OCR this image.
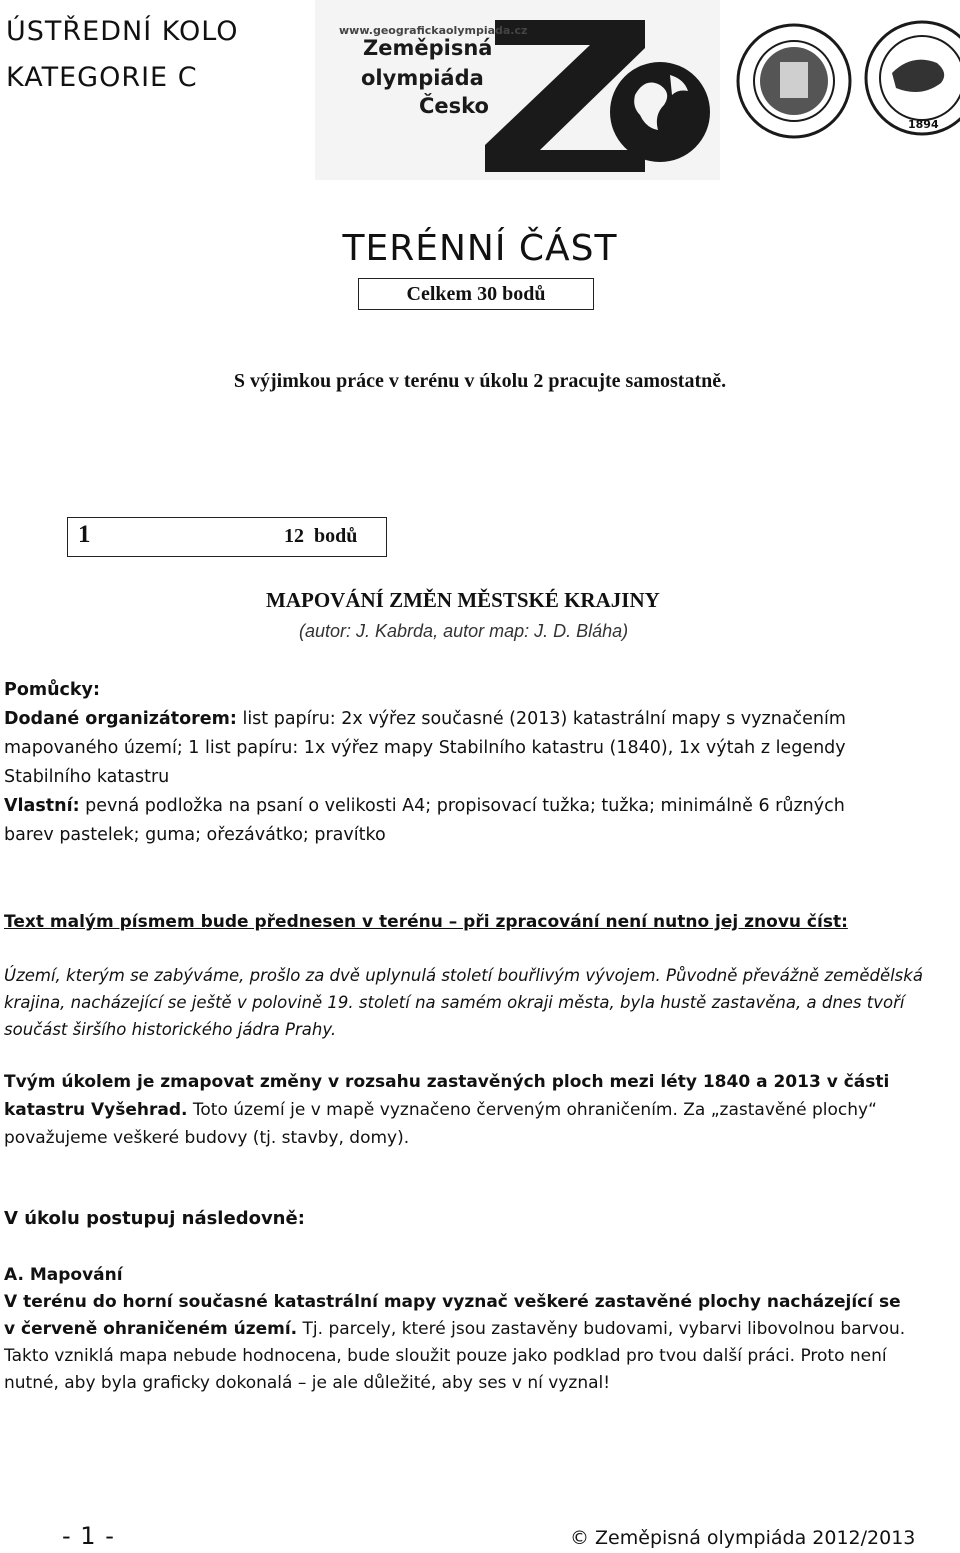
ÚSTŘEDNÍ KOLO
KATEGORIE C
www.geografickaolympiada.cz
Zeměpisná
olympiáda
Česko
1894
TERÉNNÍ ČÁST
Celkem 30 bodů
S výjimkou práce v terénu v úkolu 2 pracujte samostatně.
1	12  bodů
MAPOVÁNÍ ZMĚN MĚSTSKÉ KRAJINY
(autor: J. Kabrda, autor map: J. D. Bláha)
Pomůcky:
Dodané organizátorem: list papíru: 2x výřez současné (2013) katastrální mapy s vyznačením
mapovaného území; 1 list papíru: 1x výřez mapy Stabilního katastru (1840), 1x výtah z legendy
Stabilního katastru
Vlastní: pevná podložka na psaní o velikosti A4; propisovací tužka; tužka; minimálně 6 různých
barev pastelek; guma; ořezávátko; pravítko
Text malým písmem bude přednesen v terénu – při zpracování není nutno jej znovu číst:
Území, kterým se zabýváme, prošlo za dvě uplynulá století bouřlivým vývojem. Původně převážně zemědělská
krajina, nacházející se ještě v polovině 19. století na samém okraji města, byla hustě zastavěna, a dnes tvoří
součást širšího historického jádra Prahy.
Tvým úkolem je zmapovat změny v rozsahu zastavěných ploch mezi léty 1840 a 2013 v části
katastru Vyšehrad. Toto území je v mapě vyznačeno červeným ohraničením. Za „zastavěné plochy“
považujeme veškeré budovy (tj. stavby, domy).
V úkolu postupuj následovně:
A. Mapování
V terénu do horní současné katastrální mapy vyznač veškeré zastavěné plochy nacházející se
v červeně ohraničeném území. Tj. parcely, které jsou zastavěny budovami, vybarvi libovolnou barvou.
Takto vzniklá mapa nebude hodnocena, bude sloužit pouze jako podklad pro tvou další práci. Proto není
nutné, aby byla graficky dokonalá – je ale důležité, aby ses v ní vyznal!
- 1 -	© Zeměpisná olympiáda 2012/2013
